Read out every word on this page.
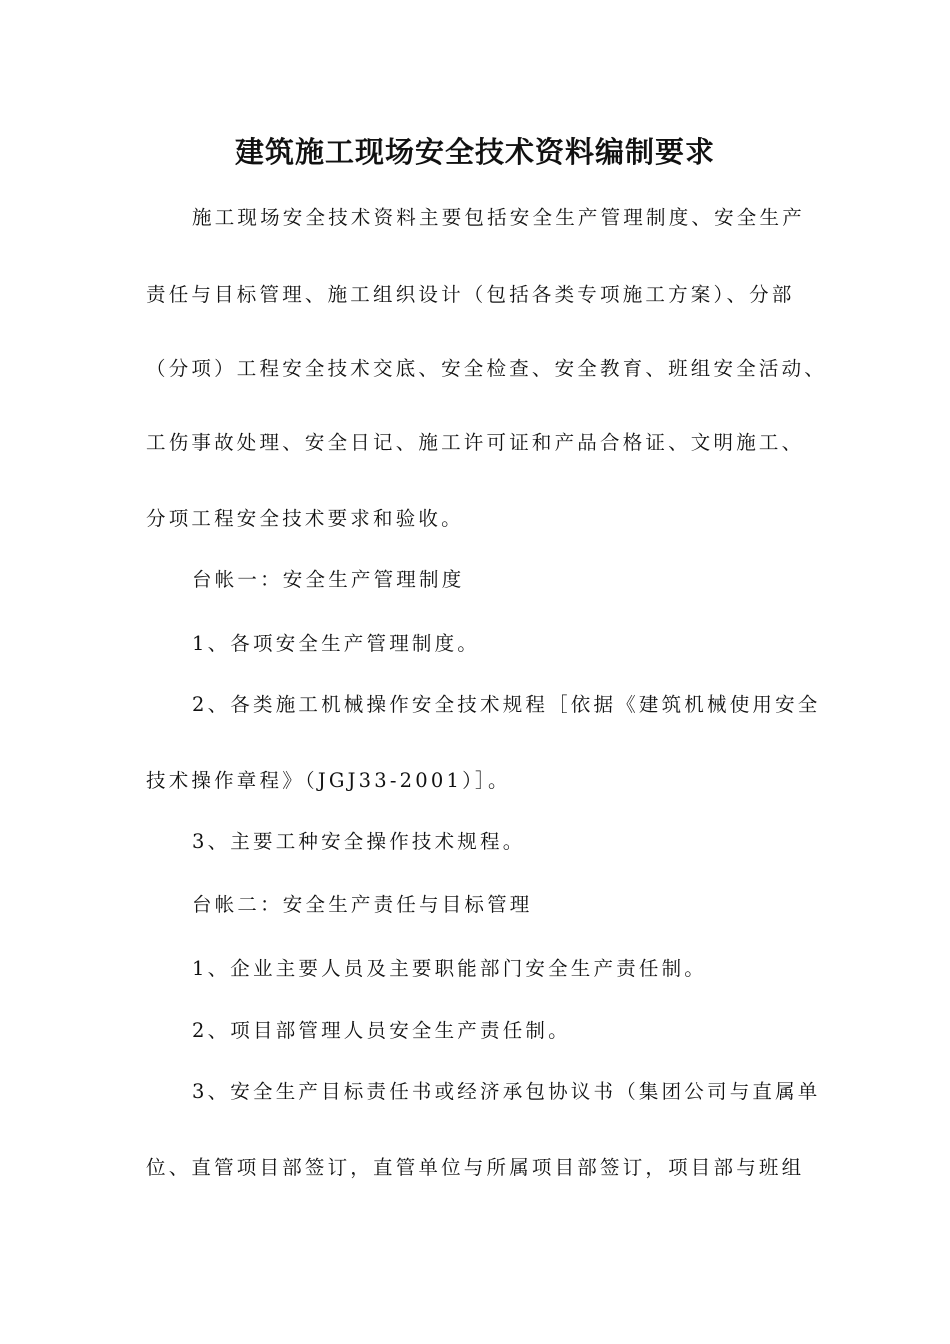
建筑施工现场安全技术资料编制要求
施工现场安全技术资料主要包括安全生产管理制度、安全生产
责任与目标管理、施工组织设计（包括各类专项施工方案）、分部
（分项）工程安全技术交底、安全检查、安全教育、班组安全活动、
工伤事故处理、安全日记、施工许可证和产品合格证、文明施工、
分项工程安全技术要求和验收。
台帐一：安全生产管理制度
1、各项安全生产管理制度。
2、各类施工机械操作安全技术规程［依据《建筑机械使用安全
技术操作章程》（JGJ33-2001）］。
3、主要工种安全操作技术规程。
台帐二：安全生产责任与目标管理
1、企业主要人员及主要职能部门安全生产责任制。
2、项目部管理人员安全生产责任制。
3、安全生产目标责任书或经济承包协议书（集团公司与直属单
位、直管项目部签订，直管单位与所属项目部签订，项目部与班组
